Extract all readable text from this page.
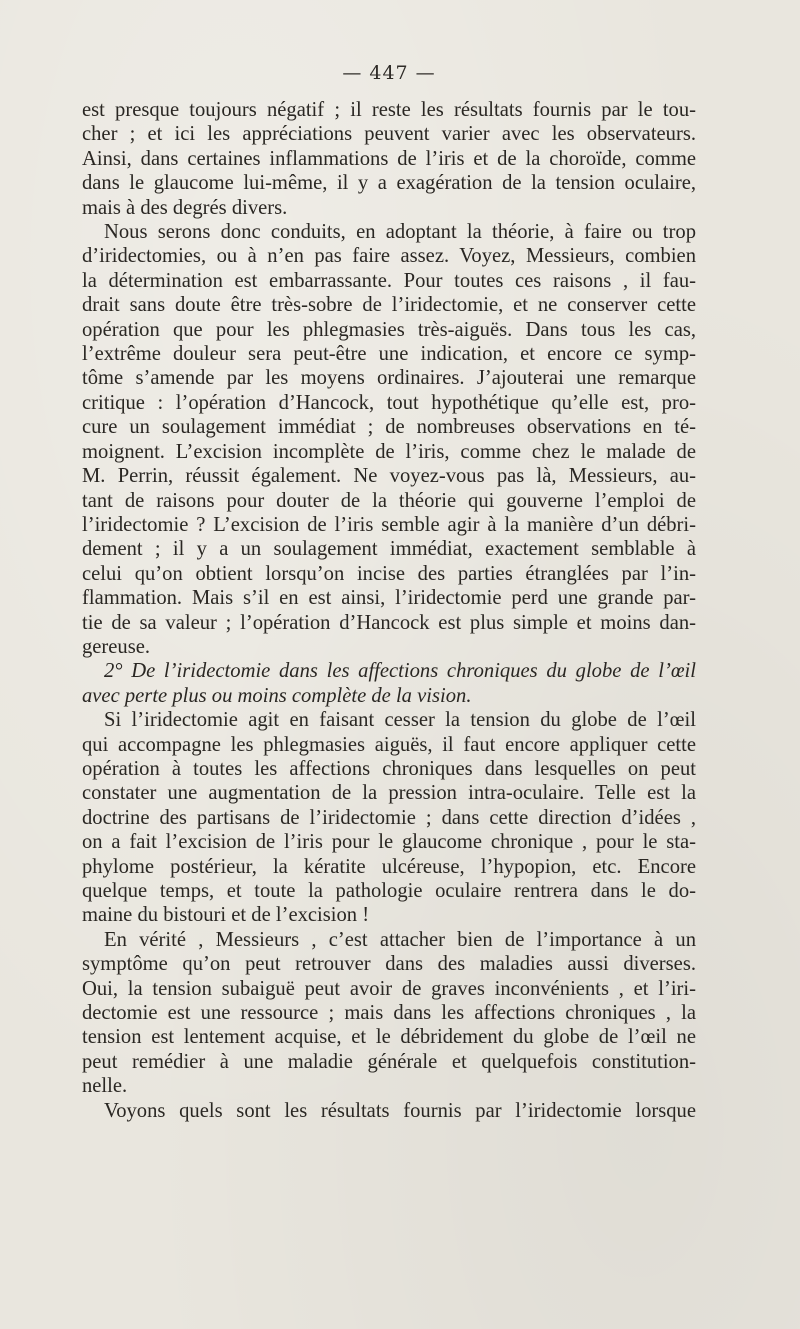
— 447 —
est presque toujours négatif ; il reste les résultats fournis par le tou-
cher ; et ici les appréciations peuvent varier avec les observateurs.
Ainsi, dans certaines inflammations de l’iris et de la choroïde, comme
dans le glaucome lui-même, il y a exagération de la tension oculaire,
mais à des degrés divers.
Nous serons donc conduits, en adoptant la théorie, à faire ou trop
d’iridectomies, ou à n’en pas faire assez. Voyez, Messieurs, combien
la détermination est embarrassante. Pour toutes ces raisons , il fau-
drait sans doute être très-sobre de l’iridectomie, et ne conserver cette
opération que pour les phlegmasies très-aiguës. Dans tous les cas,
l’extrême douleur sera peut-être une indication, et encore ce symp-
tôme s’amende par les moyens ordinaires. J’ajouterai une remarque
critique : l’opération d’Hancock, tout hypothétique qu’elle est, pro-
cure un soulagement immédiat ; de nombreuses observations en té-
moignent. L’excision incomplète de l’iris, comme chez le malade de
M. Perrin, réussit également. Ne voyez-vous pas là, Messieurs, au-
tant de raisons pour douter de la théorie qui gouverne l’emploi de
l’iridectomie ? L’excision de l’iris semble agir à la manière d’un débri-
dement ; il y a un soulagement immédiat, exactement semblable à
celui qu’on obtient lorsqu’on incise des parties étranglées par l’in-
flammation. Mais s’il en est ainsi, l’iridectomie perd une grande par-
tie de sa valeur ; l’opération d’Hancock est plus simple et moins dan-
gereuse.
2° De l’iridectomie dans les affections chroniques du globe de l’œil
avec perte plus ou moins complète de la vision.
Si l’iridectomie agit en faisant cesser la tension du globe de l’œil
qui accompagne les phlegmasies aiguës, il faut encore appliquer cette
opération à toutes les affections chroniques dans lesquelles on peut
constater une augmentation de la pression intra-oculaire. Telle est la
doctrine des partisans de l’iridectomie ; dans cette direction d’idées ,
on a fait l’excision de l’iris pour le glaucome chronique , pour le sta-
phylome postérieur, la kératite ulcéreuse, l’hypopion, etc. Encore
quelque temps, et toute la pathologie oculaire rentrera dans le do-
maine du bistouri et de l’excision !
En vérité , Messieurs , c’est attacher bien de l’importance à un
symptôme qu’on peut retrouver dans des maladies aussi diverses.
Oui, la tension subaiguë peut avoir de graves inconvénients , et l’iri-
dectomie est une ressource ; mais dans les affections chroniques , la
tension est lentement acquise, et le débridement du globe de l’œil ne
peut remédier à une maladie générale et quelquefois constitution-
nelle.
Voyons quels sont les résultats fournis par l’iridectomie lorsque
